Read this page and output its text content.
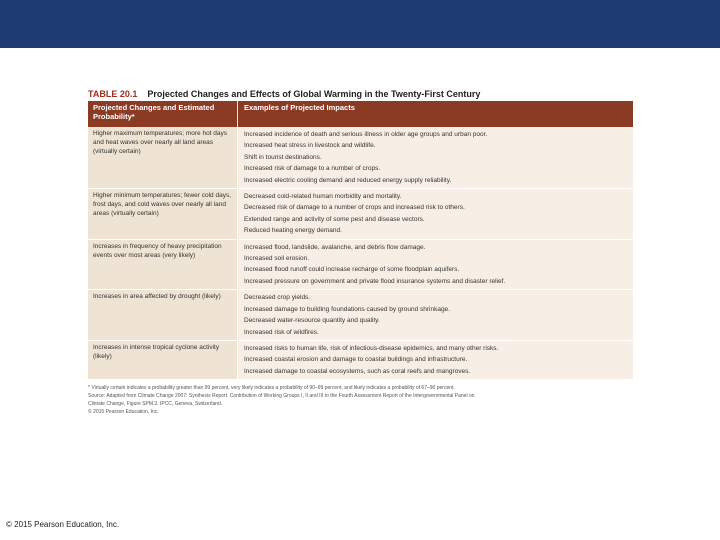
TABLE 20.1 Projected Changes and Effects of Global Warming in the Twenty-First Century
Projected Changes and Estimated Probability*
Examples of Projected Impacts
Higher maximum temperatures; more hot days and heat waves over nearly all land areas (virtually certain)
Increased incidence of death and serious illness in older age groups and urban poor.
Increased heat stress in livestock and wildlife.
Shift in tourist destinations.
Increased risk of damage to a number of crops.
Increased electric cooling demand and reduced energy supply reliability.
Higher minimum temperatures; fewer cold days, frost days, and cold waves over nearly all land areas (virtually certain)
Decreased cold-related human morbidity and mortality.
Decreased risk of damage to a number of crops and increased risk to others.
Extended range and activity of some pest and disease vectors.
Reduced heating energy demand.
Increases in frequency of heavy precipitation events over most areas (very likely)
Increased flood, landslide, avalanche, and debris flow damage.
Increased soil erosion.
Increased flood runoff could increase recharge of some floodplain aquifers.
Increased pressure on government and private flood insurance systems and disaster relief.
Increases in area affected by drought (likely)	Decreased crop yields.
Increased damage to building foundations caused by ground shrinkage.
Decreased water-resource quantity and quality.
Increased risk of wildfires.
Increases in intense tropical cyclone activity (likely)
Increased risks to human life, risk of infectious-disease epidemics, and many other risks.
Increased coastal erosion and damage to coastal buildings and infrastructure.
Increased damage to coastal ecosystems, such as coral reefs and mangroves.
* Virtually certain indicates a probability greater than 99 percent, very likely indicates a probability of 90–99 percent, and likely indicates a probability of 67–90 percent.
Source: Adapted from Climate Change 2007: Synthesis Report. Contribution of Working Groups I, II and III to the Fourth Assessment Report of the Intergovernmental Panel on
Climate Change, Figure SPM.3. IPCC, Geneva, Switzerland.
© 2015 Pearson Education, Inc.
© 2015 Pearson Education, Inc.
